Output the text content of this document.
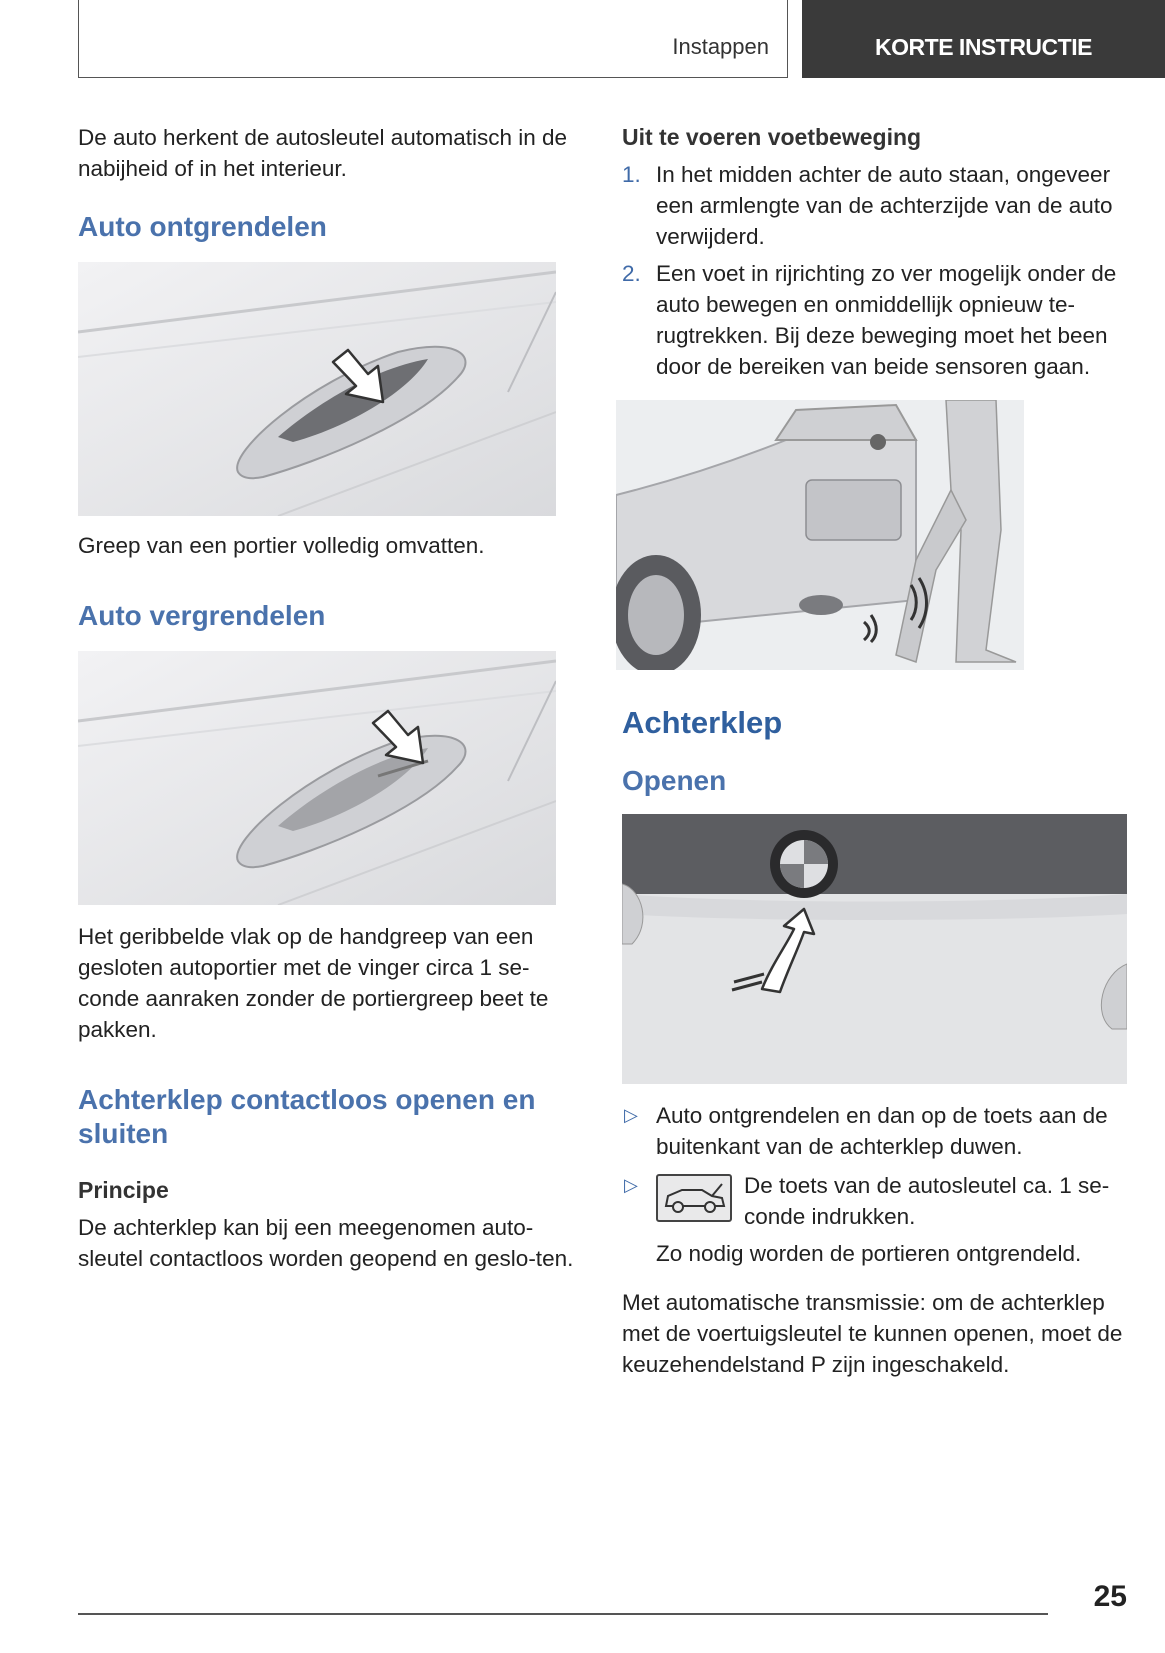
Instappen	KORTE INSTRUCTIE

De auto herkent de autosleutel automatisch in de nabijheid of in het interieur.

Auto ontgrendelen

Greep van een portier volledig omvatten.

Auto vergrendelen

Het geribbelde vlak op de handgreep van een gesloten autoportier met de vinger circa 1 se-conde aanraken zonder de portiergreep beet te pakken.

Achterklep contactloos openen en sluiten
Principe

De achterklep kan bij een meegenomen auto-sleutel contactloos worden geopend en geslo-ten.

Uit te voeren voetbeweging
1. In het midden achter de auto staan, ongeveer een armlengte van de achterzijde van de auto verwijderd.
2. Een voet in rijrichting zo ver mogelijk onder de auto bewegen en onmiddellijk opnieuw te-rugtrekken. Bij deze beweging moet het been door de bereiken van beide sensoren gaan.
Achterklep
Openen
▷ Auto ontgrendelen en dan op de toets aan de buitenkant van de achterklep duwen.
▷	De toets van de autosleutel ca. 1 se-conde indrukken.

Zo nodig worden de portieren ontgrendeld.

Met automatische transmissie: om de achterklep met de voertuigsleutel te kunnen openen, moet de keuzehendelstand P zijn ingeschakeld.

25
